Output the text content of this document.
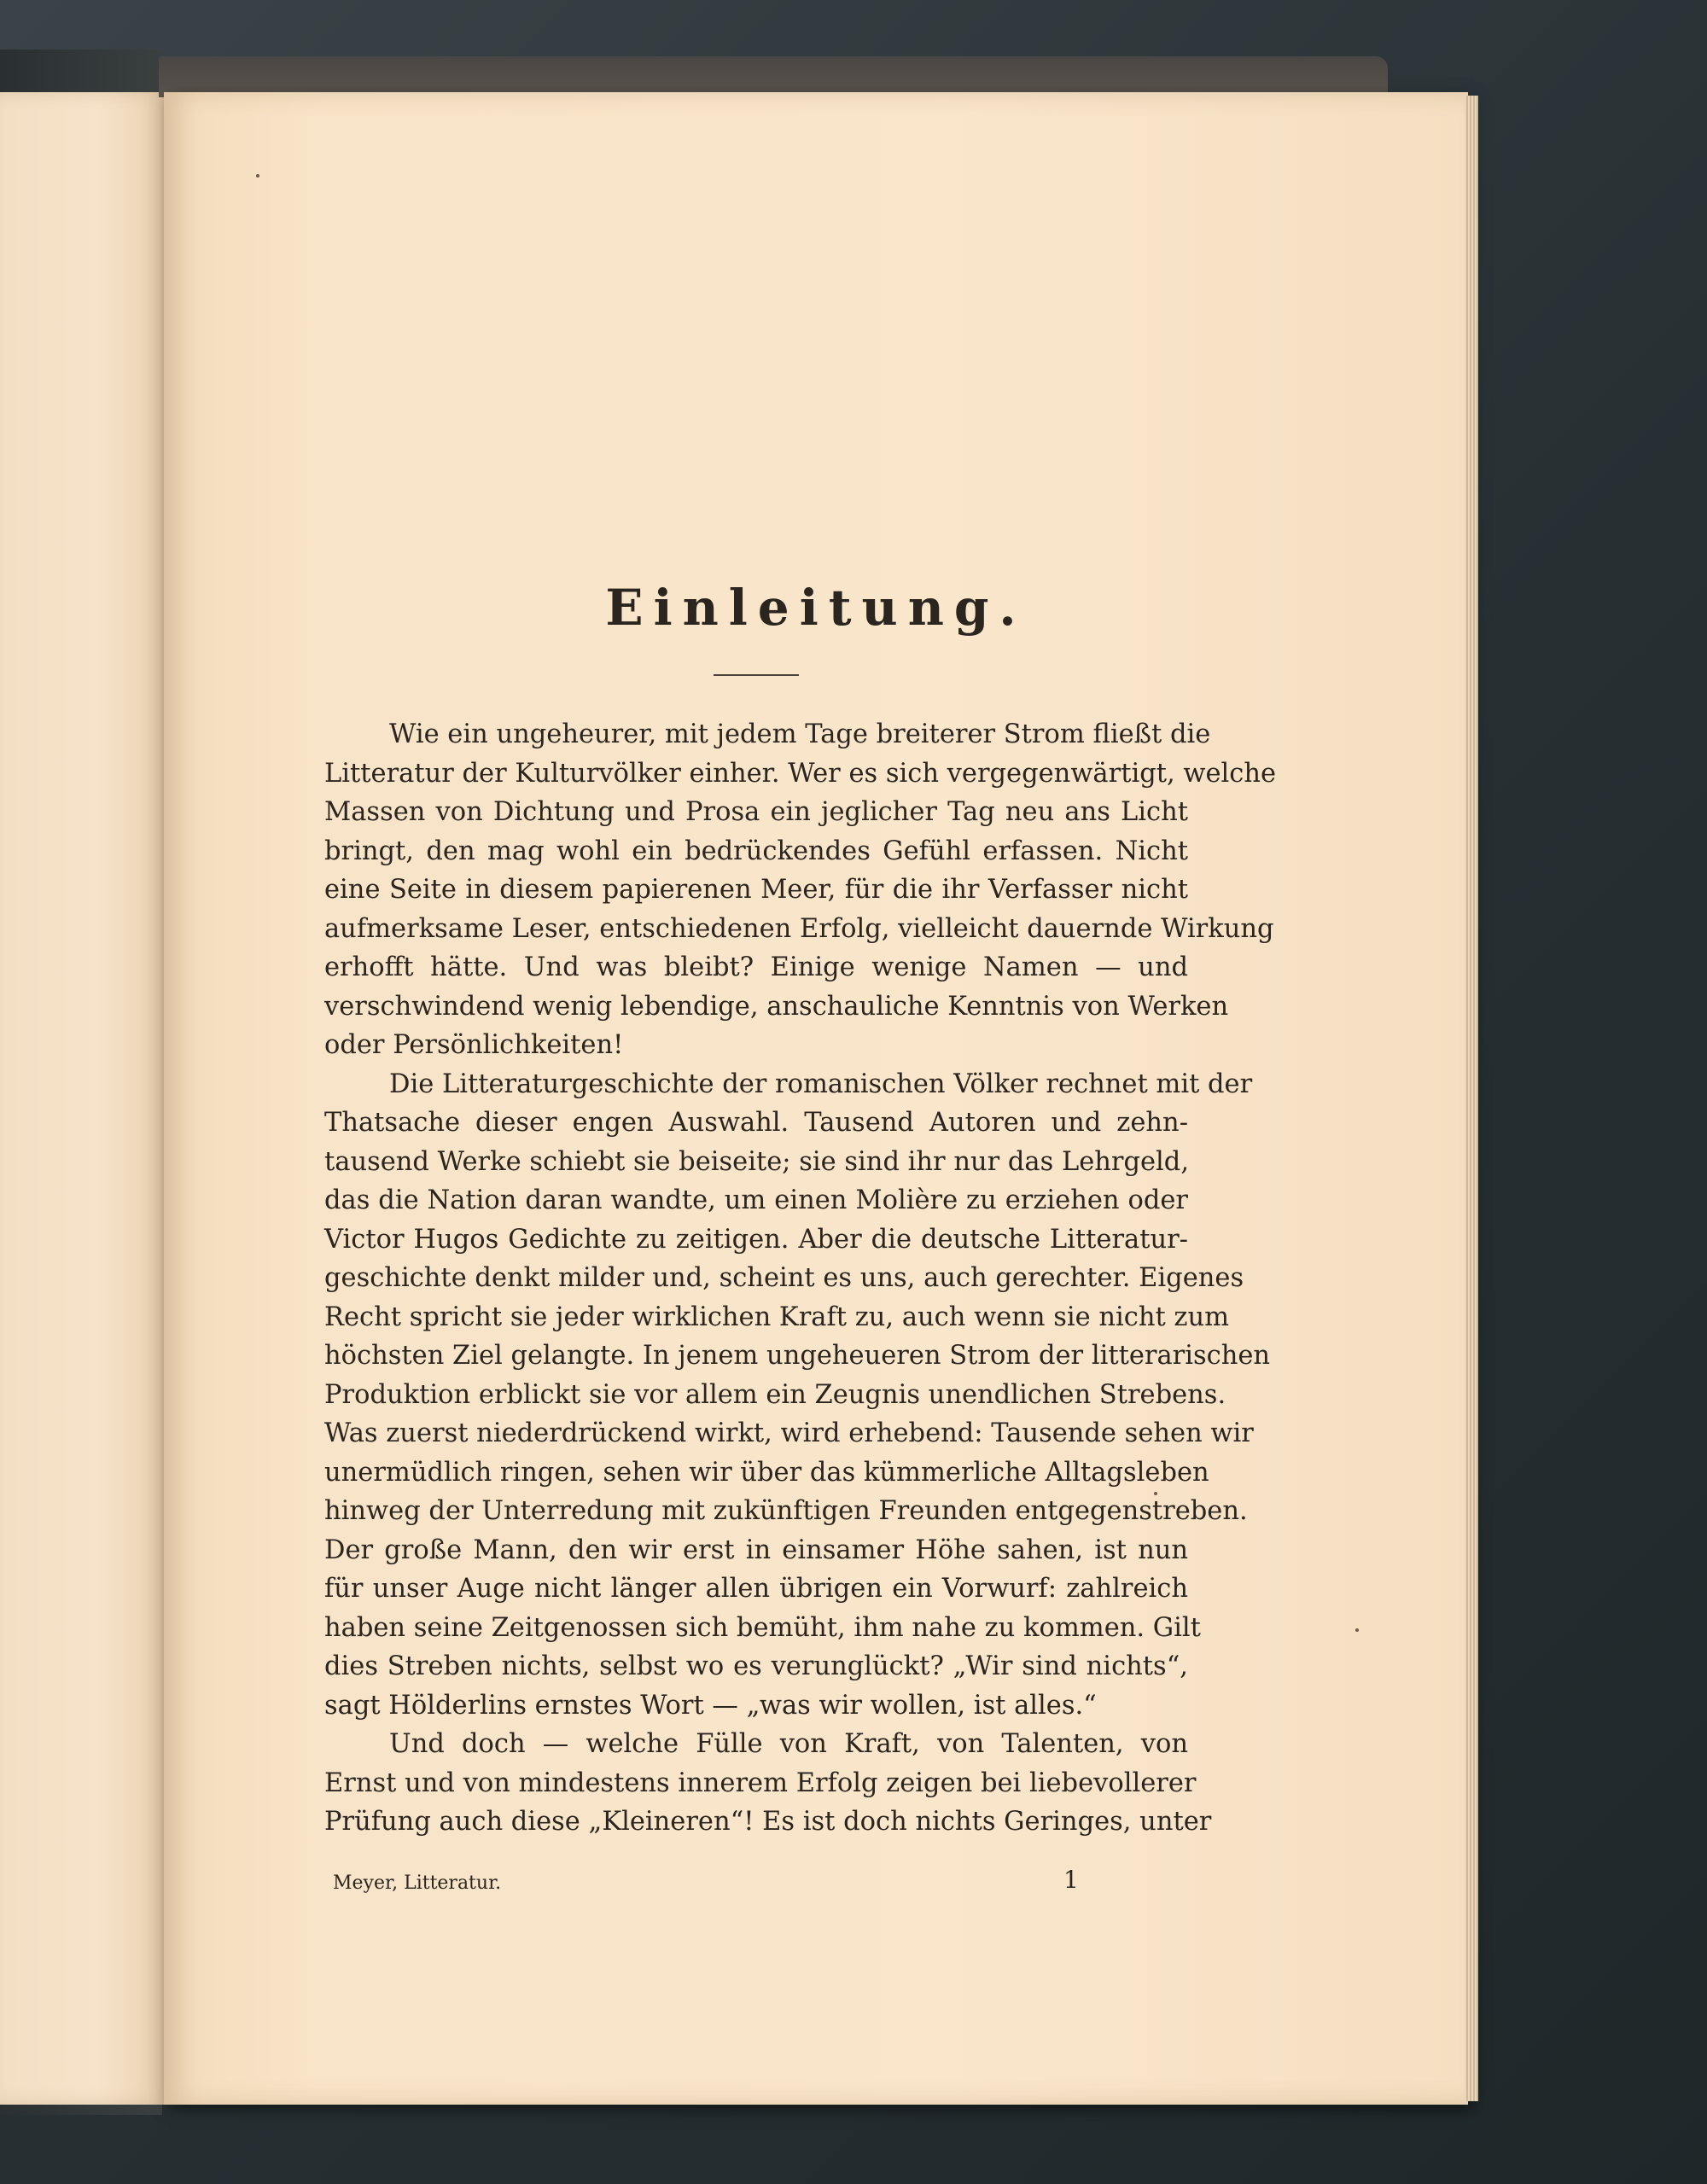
Einleitung.
Wie ein ungeheurer, mit jedem Tage breiterer Strom fließt die
Litteratur der Kulturvölker einher. Wer es sich vergegenwärtigt, welche
Massen von Dichtung und Prosa ein jeglicher Tag neu ans Licht
bringt, den mag wohl ein bedrückendes Gefühl erfassen. Nicht
eine Seite in diesem papierenen Meer, für die ihr Verfasser nicht
aufmerksame Leser, entschiedenen Erfolg, vielleicht dauernde Wirkung
erhofft hätte. Und was bleibt? Einige wenige Namen — und
verschwindend wenig lebendige, anschauliche Kenntnis von Werken
oder Persönlichkeiten!
Die Litteraturgeschichte der romanischen Völker rechnet mit der
Thatsache dieser engen Auswahl. Tausend Autoren und zehn-
tausend Werke schiebt sie beiseite; sie sind ihr nur das Lehrgeld,
das die Nation daran wandte, um einen Molière zu erziehen oder
Victor Hugos Gedichte zu zeitigen. Aber die deutsche Litteratur-
geschichte denkt milder und, scheint es uns, auch gerechter. Eigenes
Recht spricht sie jeder wirklichen Kraft zu, auch wenn sie nicht zum
höchsten Ziel gelangte. In jenem ungeheueren Strom der litterarischen
Produktion erblickt sie vor allem ein Zeugnis unendlichen Strebens.
Was zuerst niederdrückend wirkt, wird erhebend: Tausende sehen wir
unermüdlich ringen, sehen wir über das kümmerliche Alltagsleben
hinweg der Unterredung mit zukünftigen Freunden entgegenstreben.
Der große Mann, den wir erst in einsamer Höhe sahen, ist nun
für unser Auge nicht länger allen übrigen ein Vorwurf: zahlreich
haben seine Zeitgenossen sich bemüht, ihm nahe zu kommen. Gilt
dies Streben nichts, selbst wo es verunglückt? „Wir sind nichts“,
sagt Hölderlins ernstes Wort — „was wir wollen, ist alles.“
Und doch — welche Fülle von Kraft, von Talenten, von
Ernst und von mindestens innerem Erfolg zeigen bei liebevollerer
Prüfung auch diese „Kleineren“! Es ist doch nichts Geringes, unter
Meyer, Litteratur.	1
